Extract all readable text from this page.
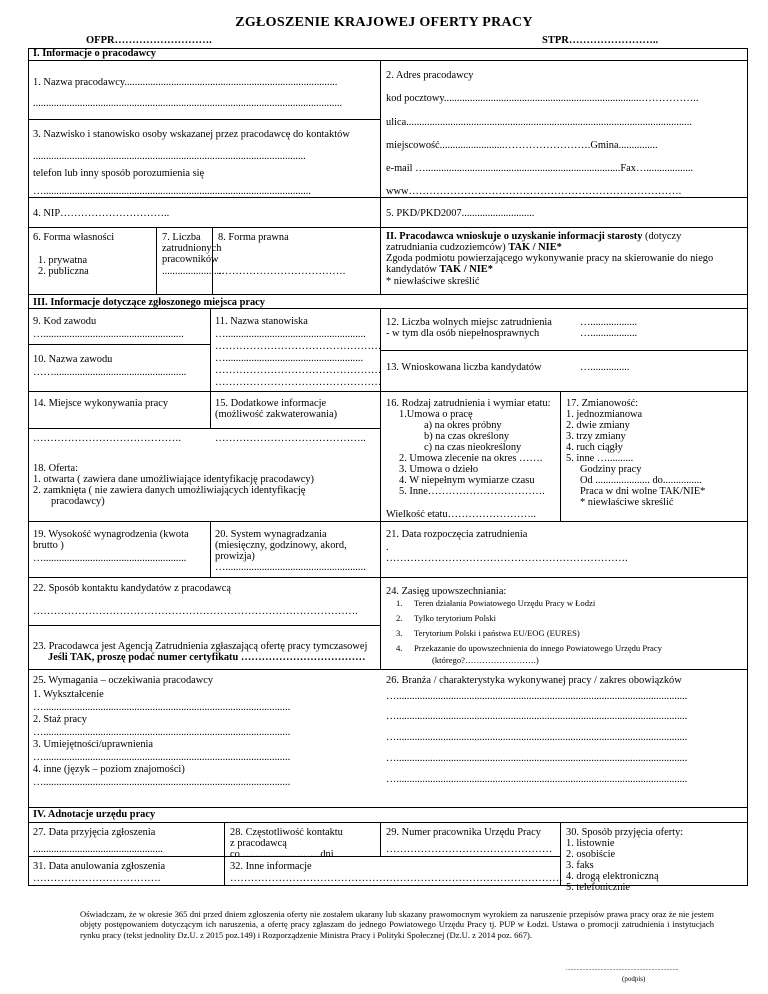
ZGŁOSZENIE KRAJOWEJ OFERTY PRACY
OFPR……………………….	STPR……………………..
I. Informacje o pracodawcy
1. Nazwa pracodawcy..................................................................................
.......................................................................................................................
2. Adres pracodawcy
kod pocztowy............................................................................……………..
ulica..............................................................................................................
miejscowość.........................…………………….Gmina...............
e-mail …...........................................................................Fax…..................
www…………………………………………………………………….
3. Nazwisko i stanowisko osoby wskazanej przez pracodawcę do kontaktów
.........................................................................................................
telefon lub inny sposób porozumienia się
….......................................................................................................
4. NIP…………………………..	5. PKD/PKD2007............................
6. Forma własności
1. prywatna
2. publiczna
7. Liczba
zatrudnionych
pracowników
........................
8. Forma prawna
……………………………….
II. Pracodawca wnioskuje o uzyskanie informacji starosty (dotyczy
zatrudniania cudzoziemców) TAK / NIE*
Zgoda podmiotu powierzającego wykonywanie pracy na skierowanie do niego
kandydatów TAK / NIE*
* niewłaściwe skreślić
III. Informacje dotyczące zgłoszonego miejsca pracy
9. Kod zawodu
…......................................................
10. Nazwa zawodu
……...................................................
11. Nazwa stanowiska
…......................................................
…………………………………………
….....................................................
…………………………………………
…………………………………………
12. Liczba wolnych miejsc zatrudnienia
- w tym dla osób niepełnosprawnych
…..................
…..................
13. Wnioskowana liczba kandydatów	…...............
14. Miejsce wykonywania pracy
…………………………………….
15. Dodatkowe informacje
(możliwość zakwaterowania)
……………………………………..
18. Oferta:
1. otwarta ( zawiera dane umożliwiające identyfikację pracodawcy)
2. zamknięta ( nie zawiera danych umożliwiających identyfikację
pracodawcy)
16. Rodzaj zatrudnienia i wymiar etatu:
1.Umowa o pracę
a) na okres próbny
b) na czas określony
c) na czas nieokreślony
2. Umowa zlecenie na okres …….
3. Umowa o dzieło
4. W niepełnym wymiarze czasu
5. Inne…………………………….
Wielkość etatu……………………..
17. Zmianowość:
1. jednozmianowa
2. dwie zmiany
3. trzy zmiany
4. ruch ciągły
5. inne …..........
Godziny pracy
Od ..................... do...............
Praca w dni wolne TAK/NIE*
* niewłaściwe skreślić
19. Wysokość wynagrodzenia (kwota
brutto )
….......................................................
20. System wynagradzania
(miesięczny, godzinowy, akord,
prowizja)
…......................................................
21. Data rozpoczęcia zatrudnienia
.
…………………………………………………………….
22. Sposób kontaktu kandydatów z pracodawcą
………………………………………………………………………………….
23. Pracodawca jest Agencją Zatrudnienia zgłaszającą ofertę pracy tymczasowej
Jeśli TAK, proszę podać numer certyfikatu ………………………………
24. Zasięg upowszechniania:
1. Teren działania Powiatowego Urzędu Pracy w Łodzi
2. Tylko terytorium Polski
3. Terytorium Polski i państwa EU/EOG (EURES)
4. Przekazanie do upowszechnienia do innego Powiatowego Urzędu Pracy
(którego?…………………….)
25. Wymagania – oczekiwania pracodawcy
1. Wykształcenie
…...............................................................................................
2. Staż pracy
…...............................................................................................
3. Umiejętności/uprawnienia
…...............................................................................................
4. inne (język – poziom znajomości)
…...............................................................................................
26. Branża / charakterystyka wykonywanej pracy / zakres obowiązków
…................................................................................................................
…................................................................................................................
…................................................................................................................
…................................................................................................................
…................................................................................................................
IV. Adnotacje urzędu pracy
27. Data przyjęcia zgłoszenia
..................................................
28. Częstotliwość kontaktu
z pracodawcą
co …..................……dni
29. Numer pracownika Urzędu Pracy
…………………………………………
30. Sposób przyjęcia oferty:
1. listownie
2. osobiście
3. faks
4. drogą elektroniczną
5. telefonicznie
31. Data anulowania zgłoszenia
……………………………….
32. Inne informacje
……………………………………………………………………………………
Oświadczam, że w okresie 365 dni przed dniem zgłoszenia oferty nie zostałem ukarany lub skazany prawomocnym wyrokiem za naruszenie przepisów prawa pracy oraz że nie jestem objęty postępowaniem dotyczącym ich naruszenia, a ofertę pracy zgłaszam do jednego Powiatowego Urzędu Pracy tj. PUP w Łodzi. Ustawa o promocji zatrudnienia i instytucjach rynku pracy (tekst jednolity Dz.U. z 2015 poz.149) i Rozporządzenie Ministra Pracy i Polityki Społecznej (Dz.U. z 2014 poz. 667).
...........................................................................
(podpis)
